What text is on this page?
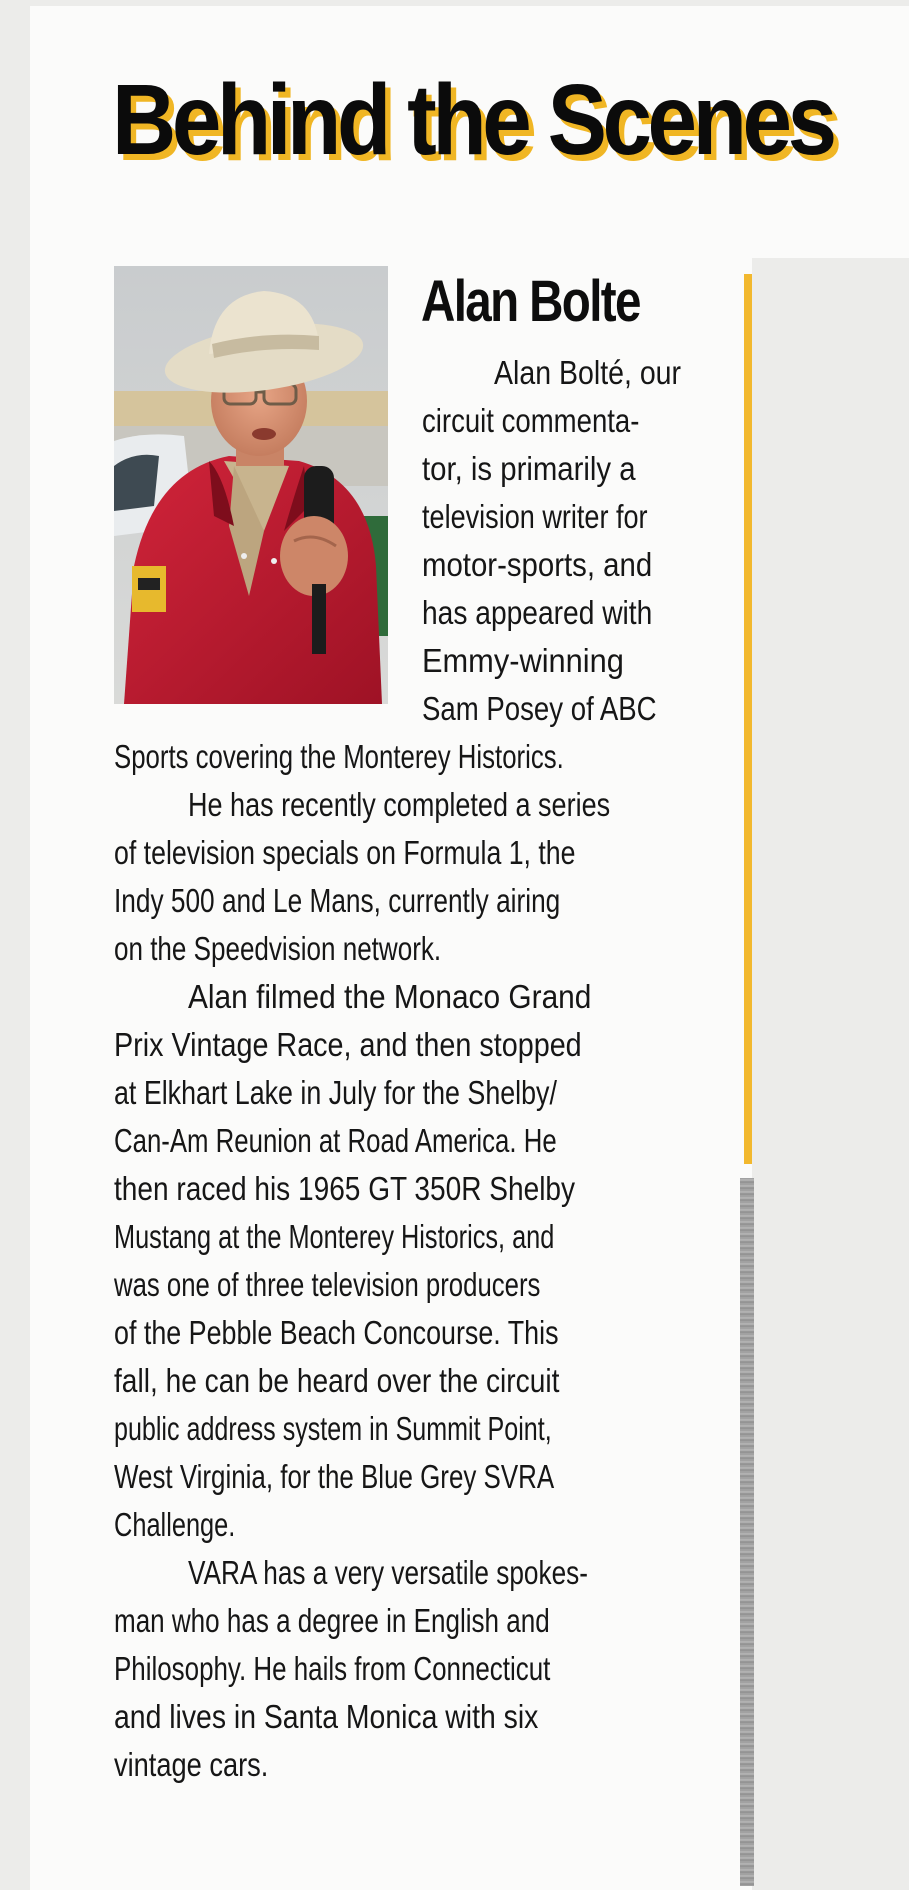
Behind the Scenes
Alan Bolte
Alan Bolté, our
circuit commenta-
tor, is primarily a
television writer for
motor-sports, and
has appeared with
Emmy-winning
Sam Posey of ABC
Sports covering the Monterey Historics.
He has recently completed a series
of television specials on Formula 1, the
Indy 500 and Le Mans, currently airing
on the Speedvision network.
Alan filmed the Monaco Grand
Prix Vintage Race, and then stopped
at Elkhart Lake in July for the Shelby/
Can-Am Reunion at Road America. He
then raced his 1965 GT 350R Shelby
Mustang at the Monterey Historics, and
was one of three television producers
of the Pebble Beach Concourse. This
fall, he can be heard over the circuit
public address system in Summit Point,
West Virginia, for the Blue Grey SVRA
Challenge.
VARA has a very versatile spokes-
man who has a degree in English and
Philosophy. He hails from Connecticut
and lives in Santa Monica with six
vintage cars.
